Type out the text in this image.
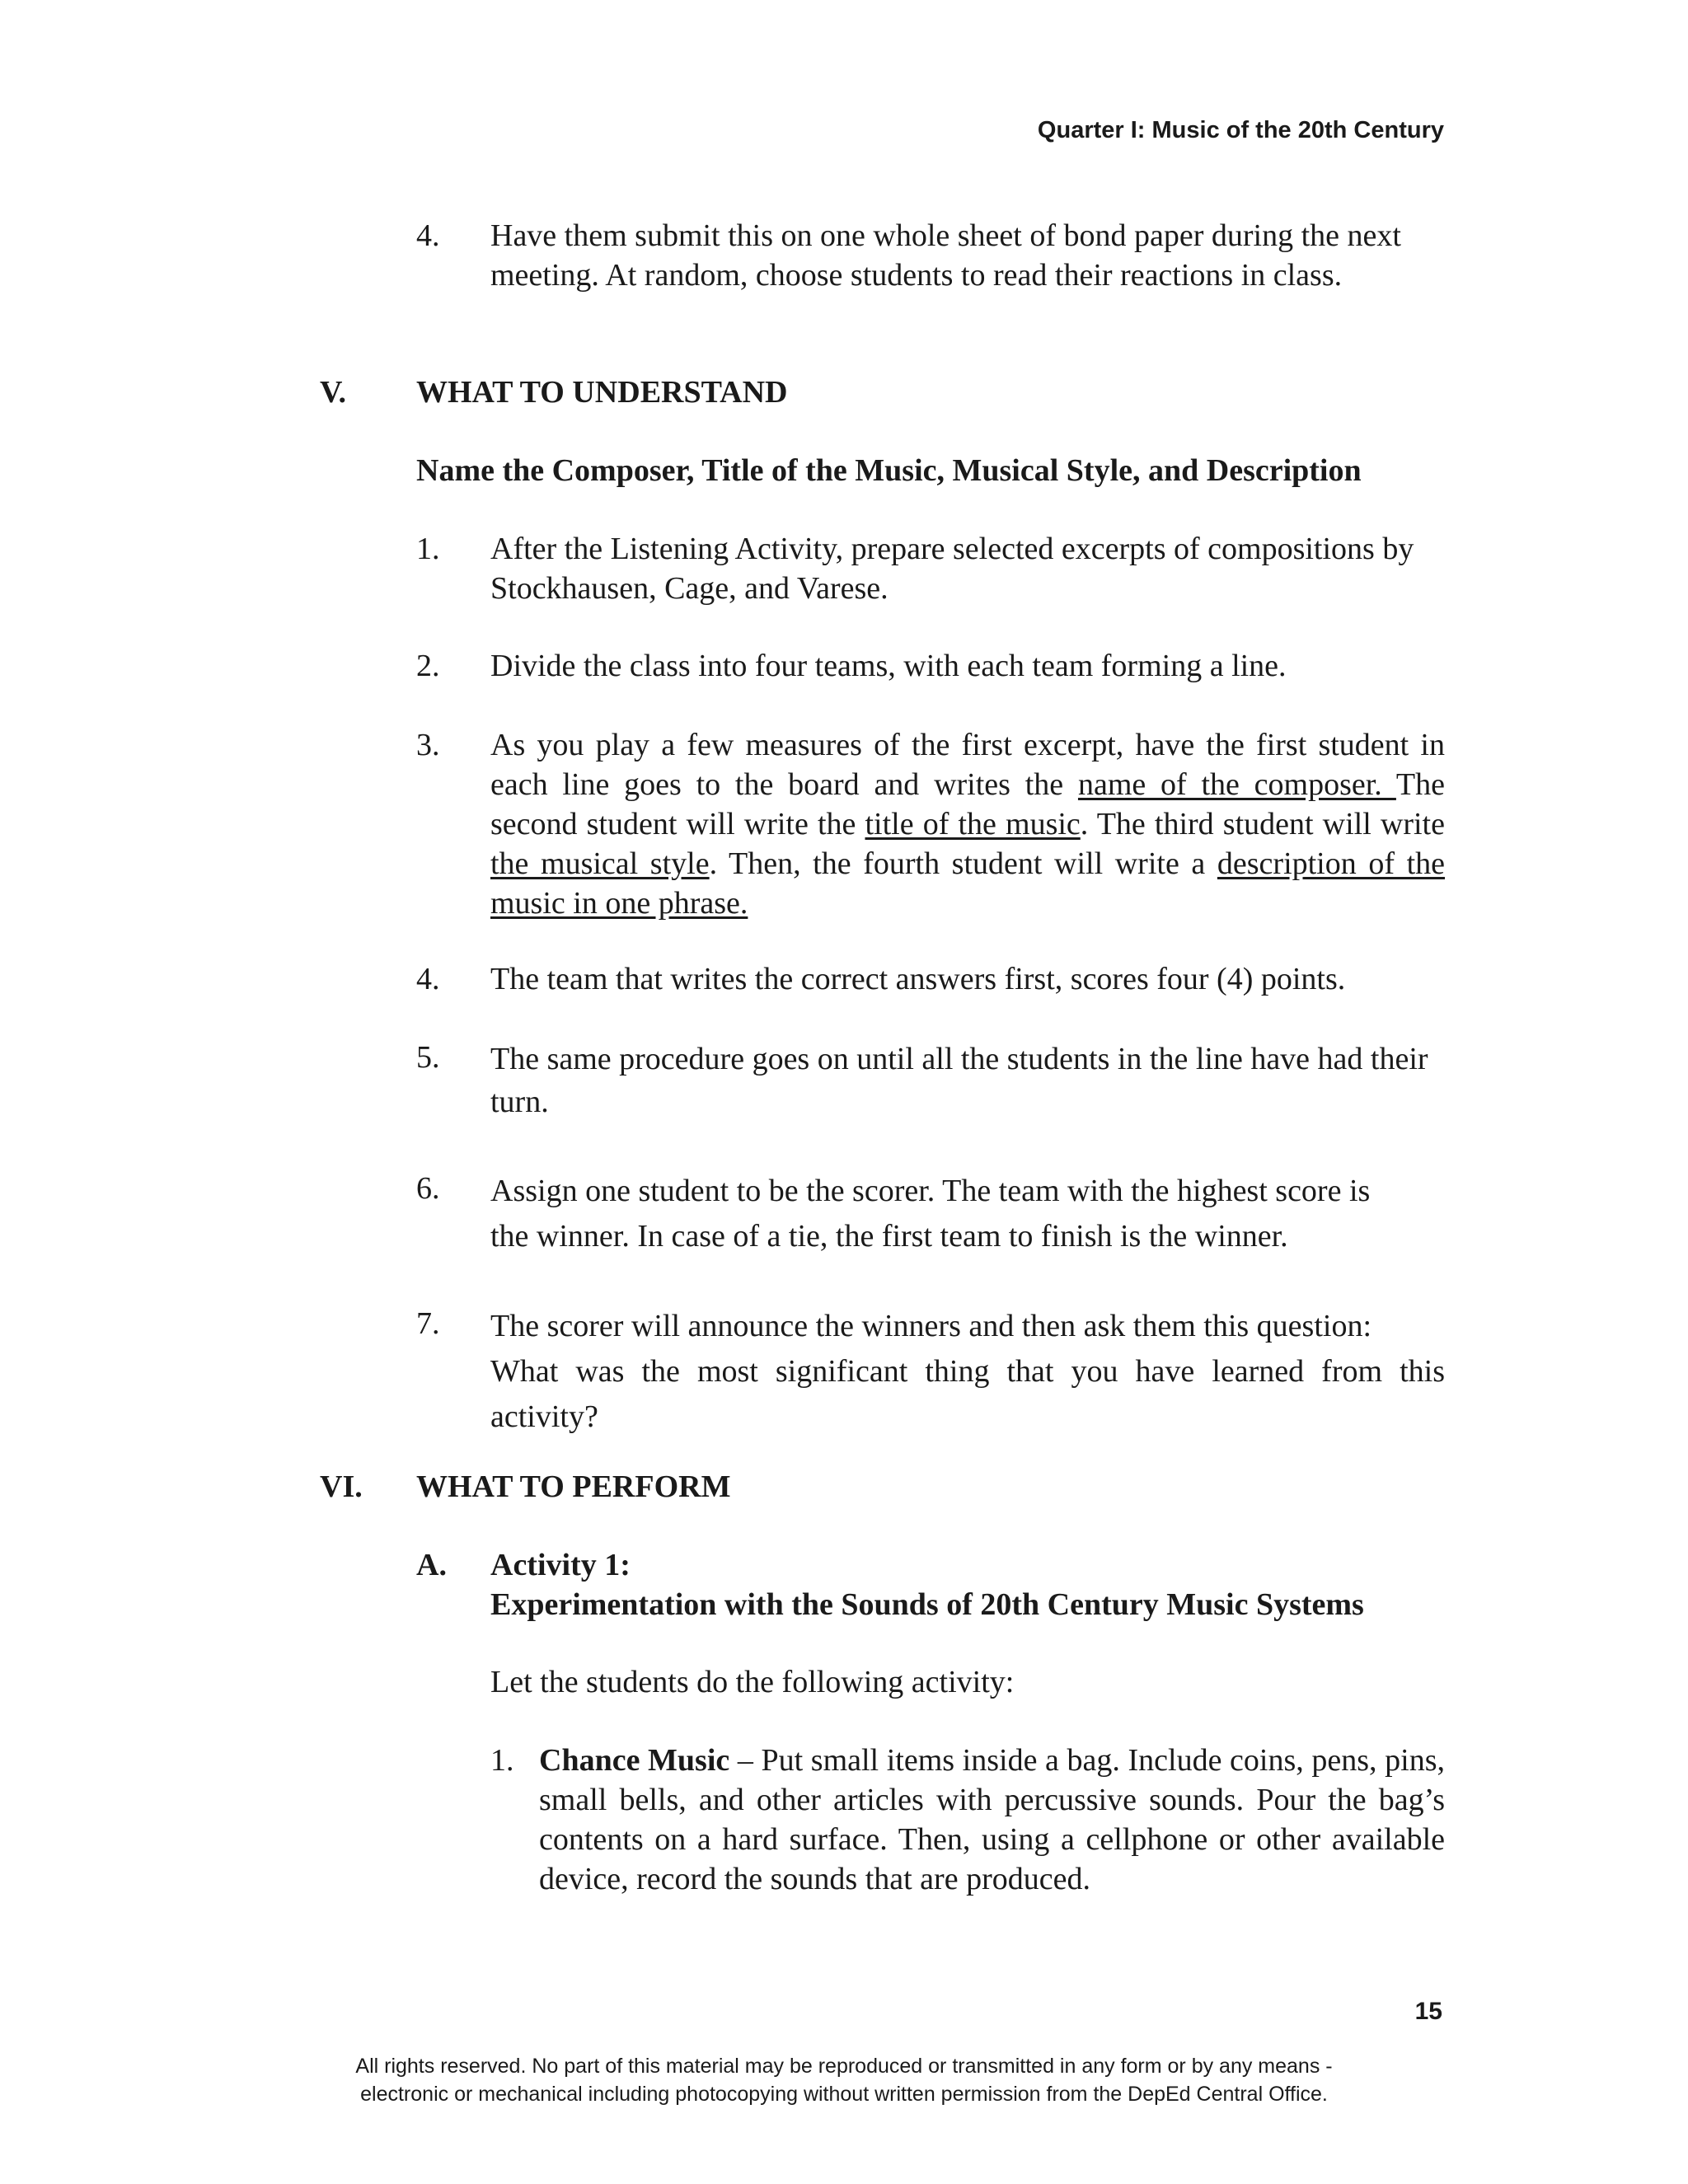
Quarter I: Music of the 20th Century
4. Have them submit this on one whole sheet of bond paper during the next
meeting. At random, choose students to read their reactions in class.
V. WHAT TO UNDERSTAND
Name the Composer, Title of the Music, Musical Style, and Description
1. After the Listening Activity, prepare selected excerpts of compositions by
Stockhausen, Cage, and Varese.
2. Divide the class into four teams, with each team forming a line.
3. As you play a few measures of the first excerpt, have the first student in each line goes to the board and writes the name of the composer. The second student will write the title of the music. The third student will write the musical style. Then, the fourth student will write a description of the music in one phrase.
4. The team that writes the correct answers first, scores four (4) points.
5. The same procedure goes on until all the students in the line have had their
turn.
6. Assign one student to be the scorer. The team with the highest score is
the winner. In case of a tie, the first team to finish is the winner.
7. The scorer will announce the winners and then ask them this question:
What was the most significant thing that you have learned from this activity?
VI. WHAT TO PERFORM
A. Activity 1:
Experimentation with the Sounds of 20th Century Music Systems
Let the students do the following activity:
1. Chance Music – Put small items inside a bag. Include coins, pens, pins, small bells, and other articles with percussive sounds. Pour the bag’s contents on a hard surface. Then, using a cellphone or other available device, record the sounds that are produced.
15
All rights reserved. No part of this material may be reproduced or transmitted in any form or by any means -
electronic or mechanical including photocopying without written permission from the DepEd Central Office.
